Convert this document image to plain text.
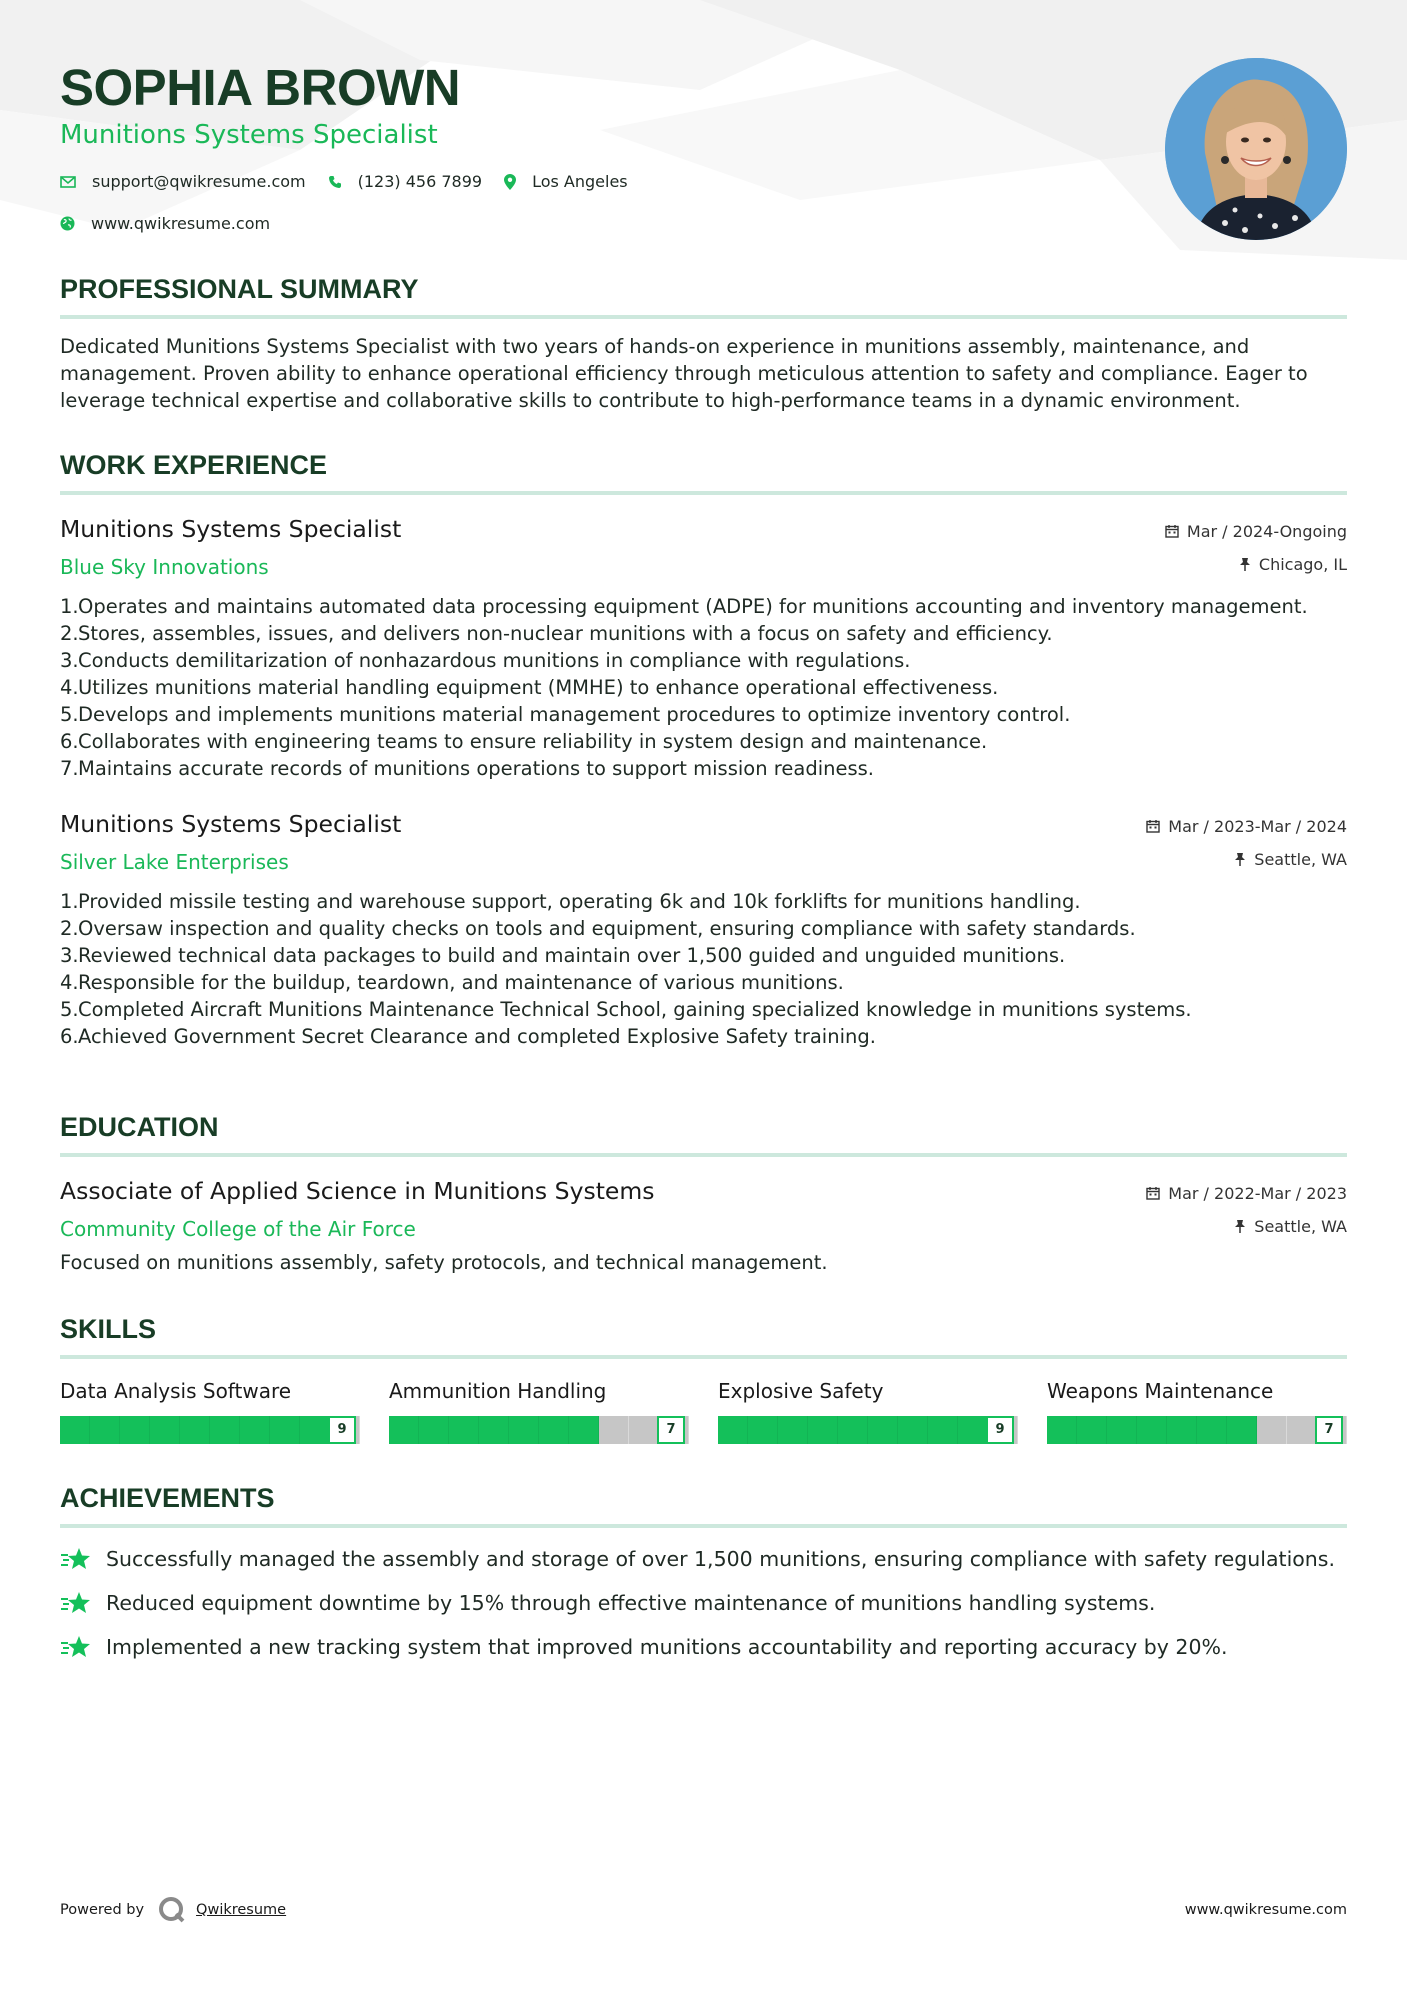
SOPHIA BROWN
Munitions Systems Specialist
support@qwikresume.com	(123) 456 7899	Los Angeles
www.qwikresume.com
PROFESSIONAL SUMMARY

Dedicated Munitions Systems Specialist with two years of hands-on experience in munitions assembly, maintenance, and management. Proven ability to enhance operational efficiency through meticulous attention to safety and compliance. Eager to leverage technical expertise and collaborative skills to contribute to high-performance teams in a dynamic environment.

WORK EXPERIENCE
Munitions Systems Specialist
Blue Sky Innovations
Mar / 2024-Ongoing
Chicago, IL
Operates and maintains automated data processing equipment (ADPE) for munitions accounting and inventory management.
Stores, assembles, issues, and delivers non-nuclear munitions with a focus on safety and efficiency.
Conducts demilitarization of nonhazardous munitions in compliance with regulations.
Utilizes munitions material handling equipment (MMHE) to enhance operational effectiveness.
Develops and implements munitions material management procedures to optimize inventory control.
Collaborates with engineering teams to ensure reliability in system design and maintenance.
Maintains accurate records of munitions operations to support mission readiness.
Munitions Systems Specialist
Silver Lake Enterprises
Mar / 2023-Mar / 2024
Seattle, WA
Provided missile testing and warehouse support, operating 6k and 10k forklifts for munitions handling.
Oversaw inspection and quality checks on tools and equipment, ensuring compliance with safety standards.
Reviewed technical data packages to build and maintain over 1,500 guided and unguided munitions.
Responsible for the buildup, teardown, and maintenance of various munitions.
Completed Aircraft Munitions Maintenance Technical School, gaining specialized knowledge in munitions systems.
Achieved Government Secret Clearance and completed Explosive Safety training.
EDUCATION
Associate of Applied Science in Munitions Systems
Community College of the Air Force
Mar / 2022-Mar / 2023
Seattle, WA

Focused on munitions assembly, safety protocols, and technical management.

SKILLS
Data Analysis Software
9
Ammunition Handling
7
Explosive Safety
9
Weapons Maintenance
7
ACHIEVEMENTS
Successfully managed the assembly and storage of over 1,500 munitions, ensuring compliance with safety regulations.
Reduced equipment downtime by 15% through effective maintenance of munitions handling systems.
Implemented a new tracking system that improved munitions accountability and reporting accuracy by 20%.
Powered by	Qwikresume	www.qwikresume.com
